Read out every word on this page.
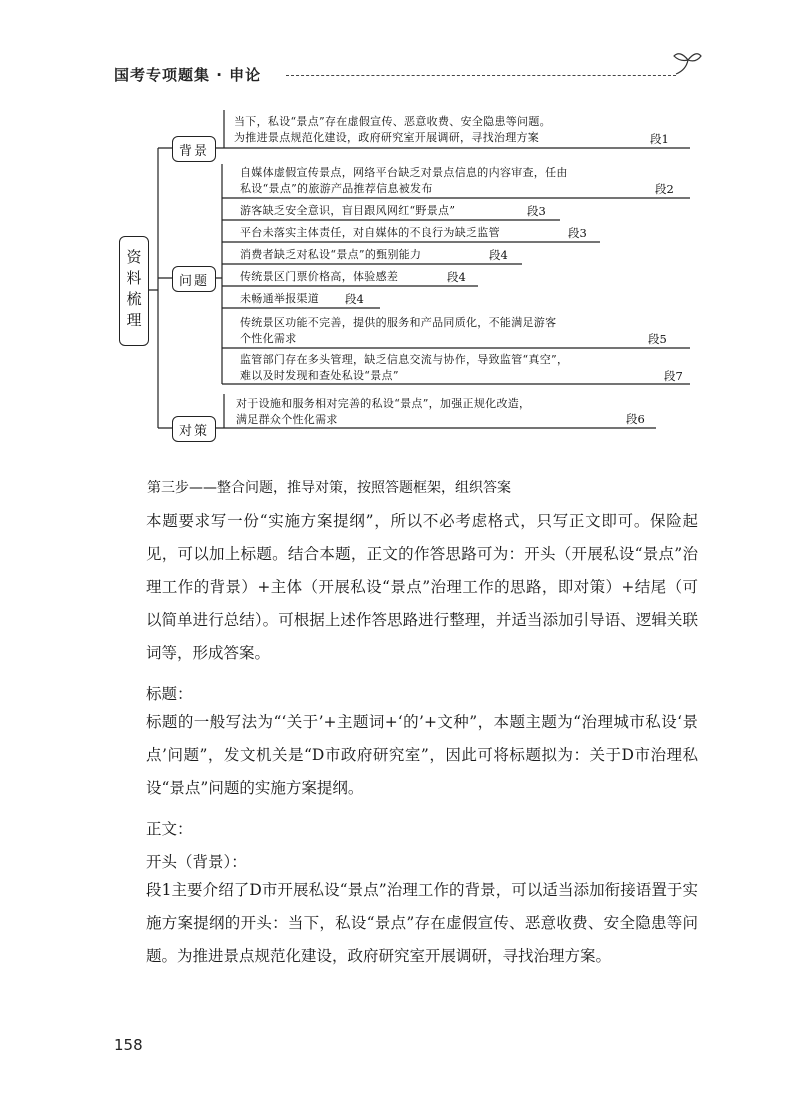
国考专项题集 · 申论
资料梳理
背景
问题
对策
当下，私设“景点”存在虚假宣传、恶意收费、安全隐患等问题。
为推进景点规范化建设，政府研究室开展调研，寻找治理方案	段1
自媒体虚假宣传景点，网络平台缺乏对景点信息的内容审查，任由
私设“景点”的旅游产品推荐信息被发布	段2
游客缺乏安全意识，盲目跟风网红“野景点”	段3
平台未落实主体责任，对自媒体的不良行为缺乏监管	段3
消费者缺乏对私设“景点”的甄别能力	段4
传统景区门票价格高，体验感差	段4
未畅通举报渠道 段4
传统景区功能不完善，提供的服务和产品同质化，不能满足游客
个性化需求	段5
监管部门存在多头管理，缺乏信息交流与协作，导致监管“真空”，
难以及时发现和查处私设“景点”	段7
对于设施和服务相对完善的私设“景点”，加强正规化改造，
满足群众个性化需求	段6
第三步——整合问题，推导对策，按照答题框架，组织答案
本题要求写一份“实施方案提纲”，所以不必考虑格式，只写正文即可。保险起见，可以加上标题。结合本题，正文的作答思路可为：开头（开展私设“景点”治理工作的背景）+主体（开展私设“景点”治理工作的思路，即对策）+结尾（可以简单进行总结）。可根据上述作答思路进行整理，并适当添加引导语、逻辑关联词等，形成答案。
标题：
标题的一般写法为“‘关于’+主题词+‘的’+文种”，本题主题为“治理城市私设‘景点’问题”，发文机关是“D市政府研究室”，因此可将标题拟为：关于D市治理私设“景点”问题的实施方案提纲。
正文：
开头（背景）：
段1主要介绍了D市开展私设“景点”治理工作的背景，可以适当添加衔接语置于实施方案提纲的开头：当下，私设“景点”存在虚假宣传、恶意收费、安全隐患等问题。为推进景点规范化建设，政府研究室开展调研，寻找治理方案。
158
